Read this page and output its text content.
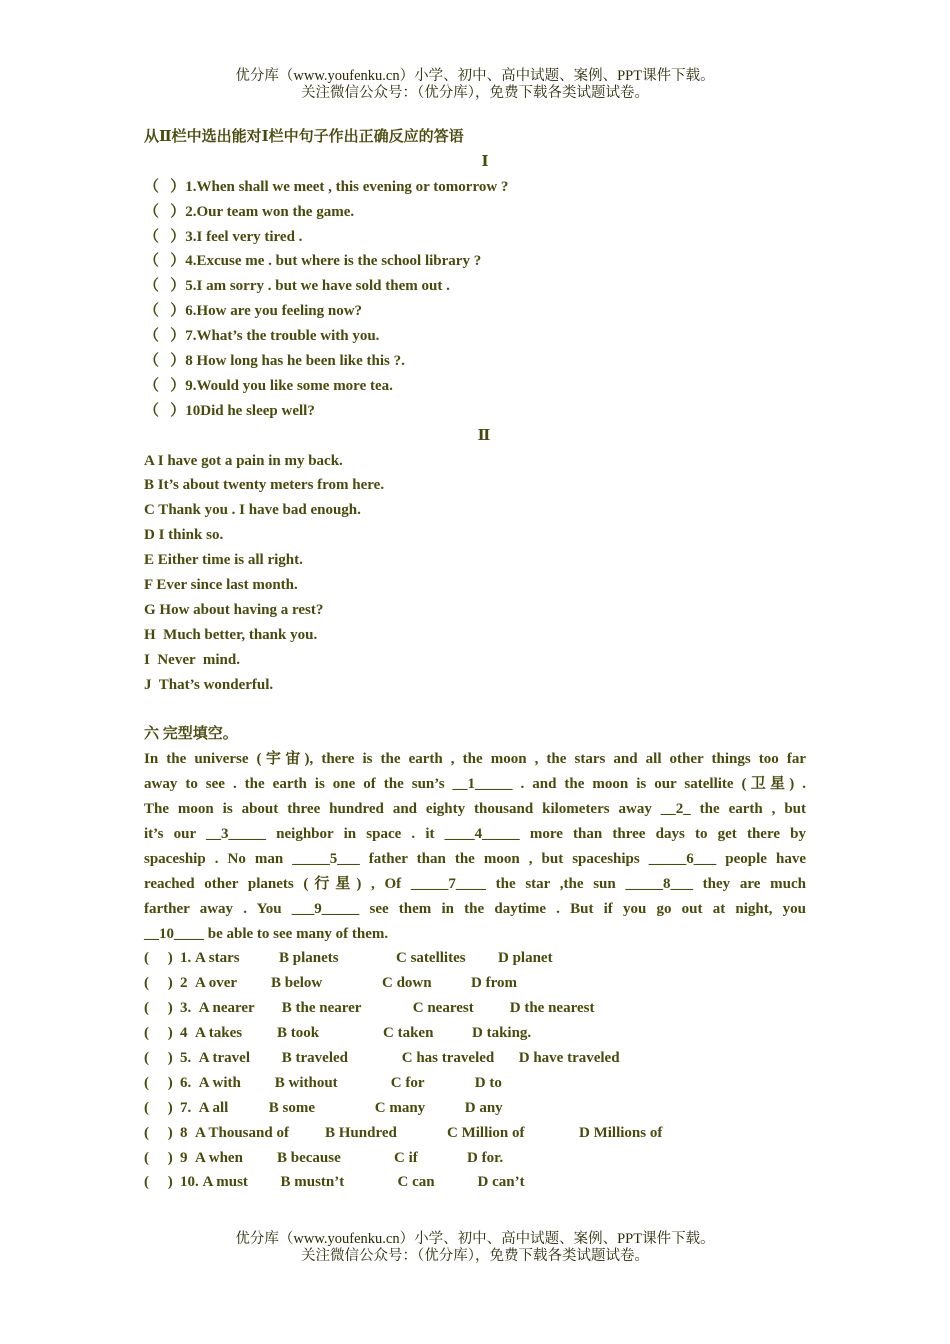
优分库（www.youfenku.cn）小学、初中、高中试题、案例、PPT课件下载。
关注微信公众号：（优分库），免费下载各类试题试卷。
从Ⅱ栏中选出能对Ⅰ栏中句子作出正确反应的答语
Ⅰ
（   ）1.When shall we meet , this evening or tomorrow ?
（   ）2.Our team won the game.
（   ）3.I feel very tired .
（   ）4.Excuse me . but where is the school library ?
（   ）5.I am sorry . but we have sold them out .
（   ）6.How are you feeling now?
（   ）7.What’s the trouble with you.
（   ）8 How long has he been like this ?.
（   ）9.Would you like some more tea.
（   ）10Did he sleep well?
Ⅱ
A I have got a pain in my back.
B It’s about twenty meters from here.
C Thank you . I have bad enough.
D I think so.
E Either time is all right.
F Ever since last month.
G How about having a rest?
H  Much better, thank you.
I  Never  mind.
J  That’s wonderful.
六 完型填空。
In the universe (宇宙), there is the earth , the moon , the stars and all other things too far
away to see . the earth is one of the sun’s __1_____ . and the moon is our satellite (卫星) .
The moon is about three hundred and eighty thousand kilometers away __2_ the earth , but
it’s our __3_____ neighbor in space . it ____4_____ more than three days to get there by
spaceship . No man _____5___ father than the moon , but spaceships _____6___ people have
reached other planets (行星) , Of _____7____ the star ,the sun _____8___ they are much
farther away . You ___9_____ see them in the daytime . But if you go out at night, you
__10____ be able to see many of them.
(     ) 1. A stars	B planets	C satellites D planet
(     ) 2  A over B below	C down	D from
(     ) 3.  A nearer B the nearer	C nearest D the nearest
(     ) 4  A takes B took	C taken	D taking.
(     ) 5.  A travel B traveled	C has traveled D have traveled
(     ) 6.  A with B without	C for	D to
(     ) 7.  A all	B some	C many	D any
(     ) 8  A Thousand of B Hundred	C Million of	D Millions of
(     ) 9  A when B because	C if	D for.
(     ) 10. A must B mustn’t	C can	D can’t
优分库（www.youfenku.cn）小学、初中、高中试题、案例、PPT课件下载。
关注微信公众号：（优分库），免费下载各类试题试卷。
